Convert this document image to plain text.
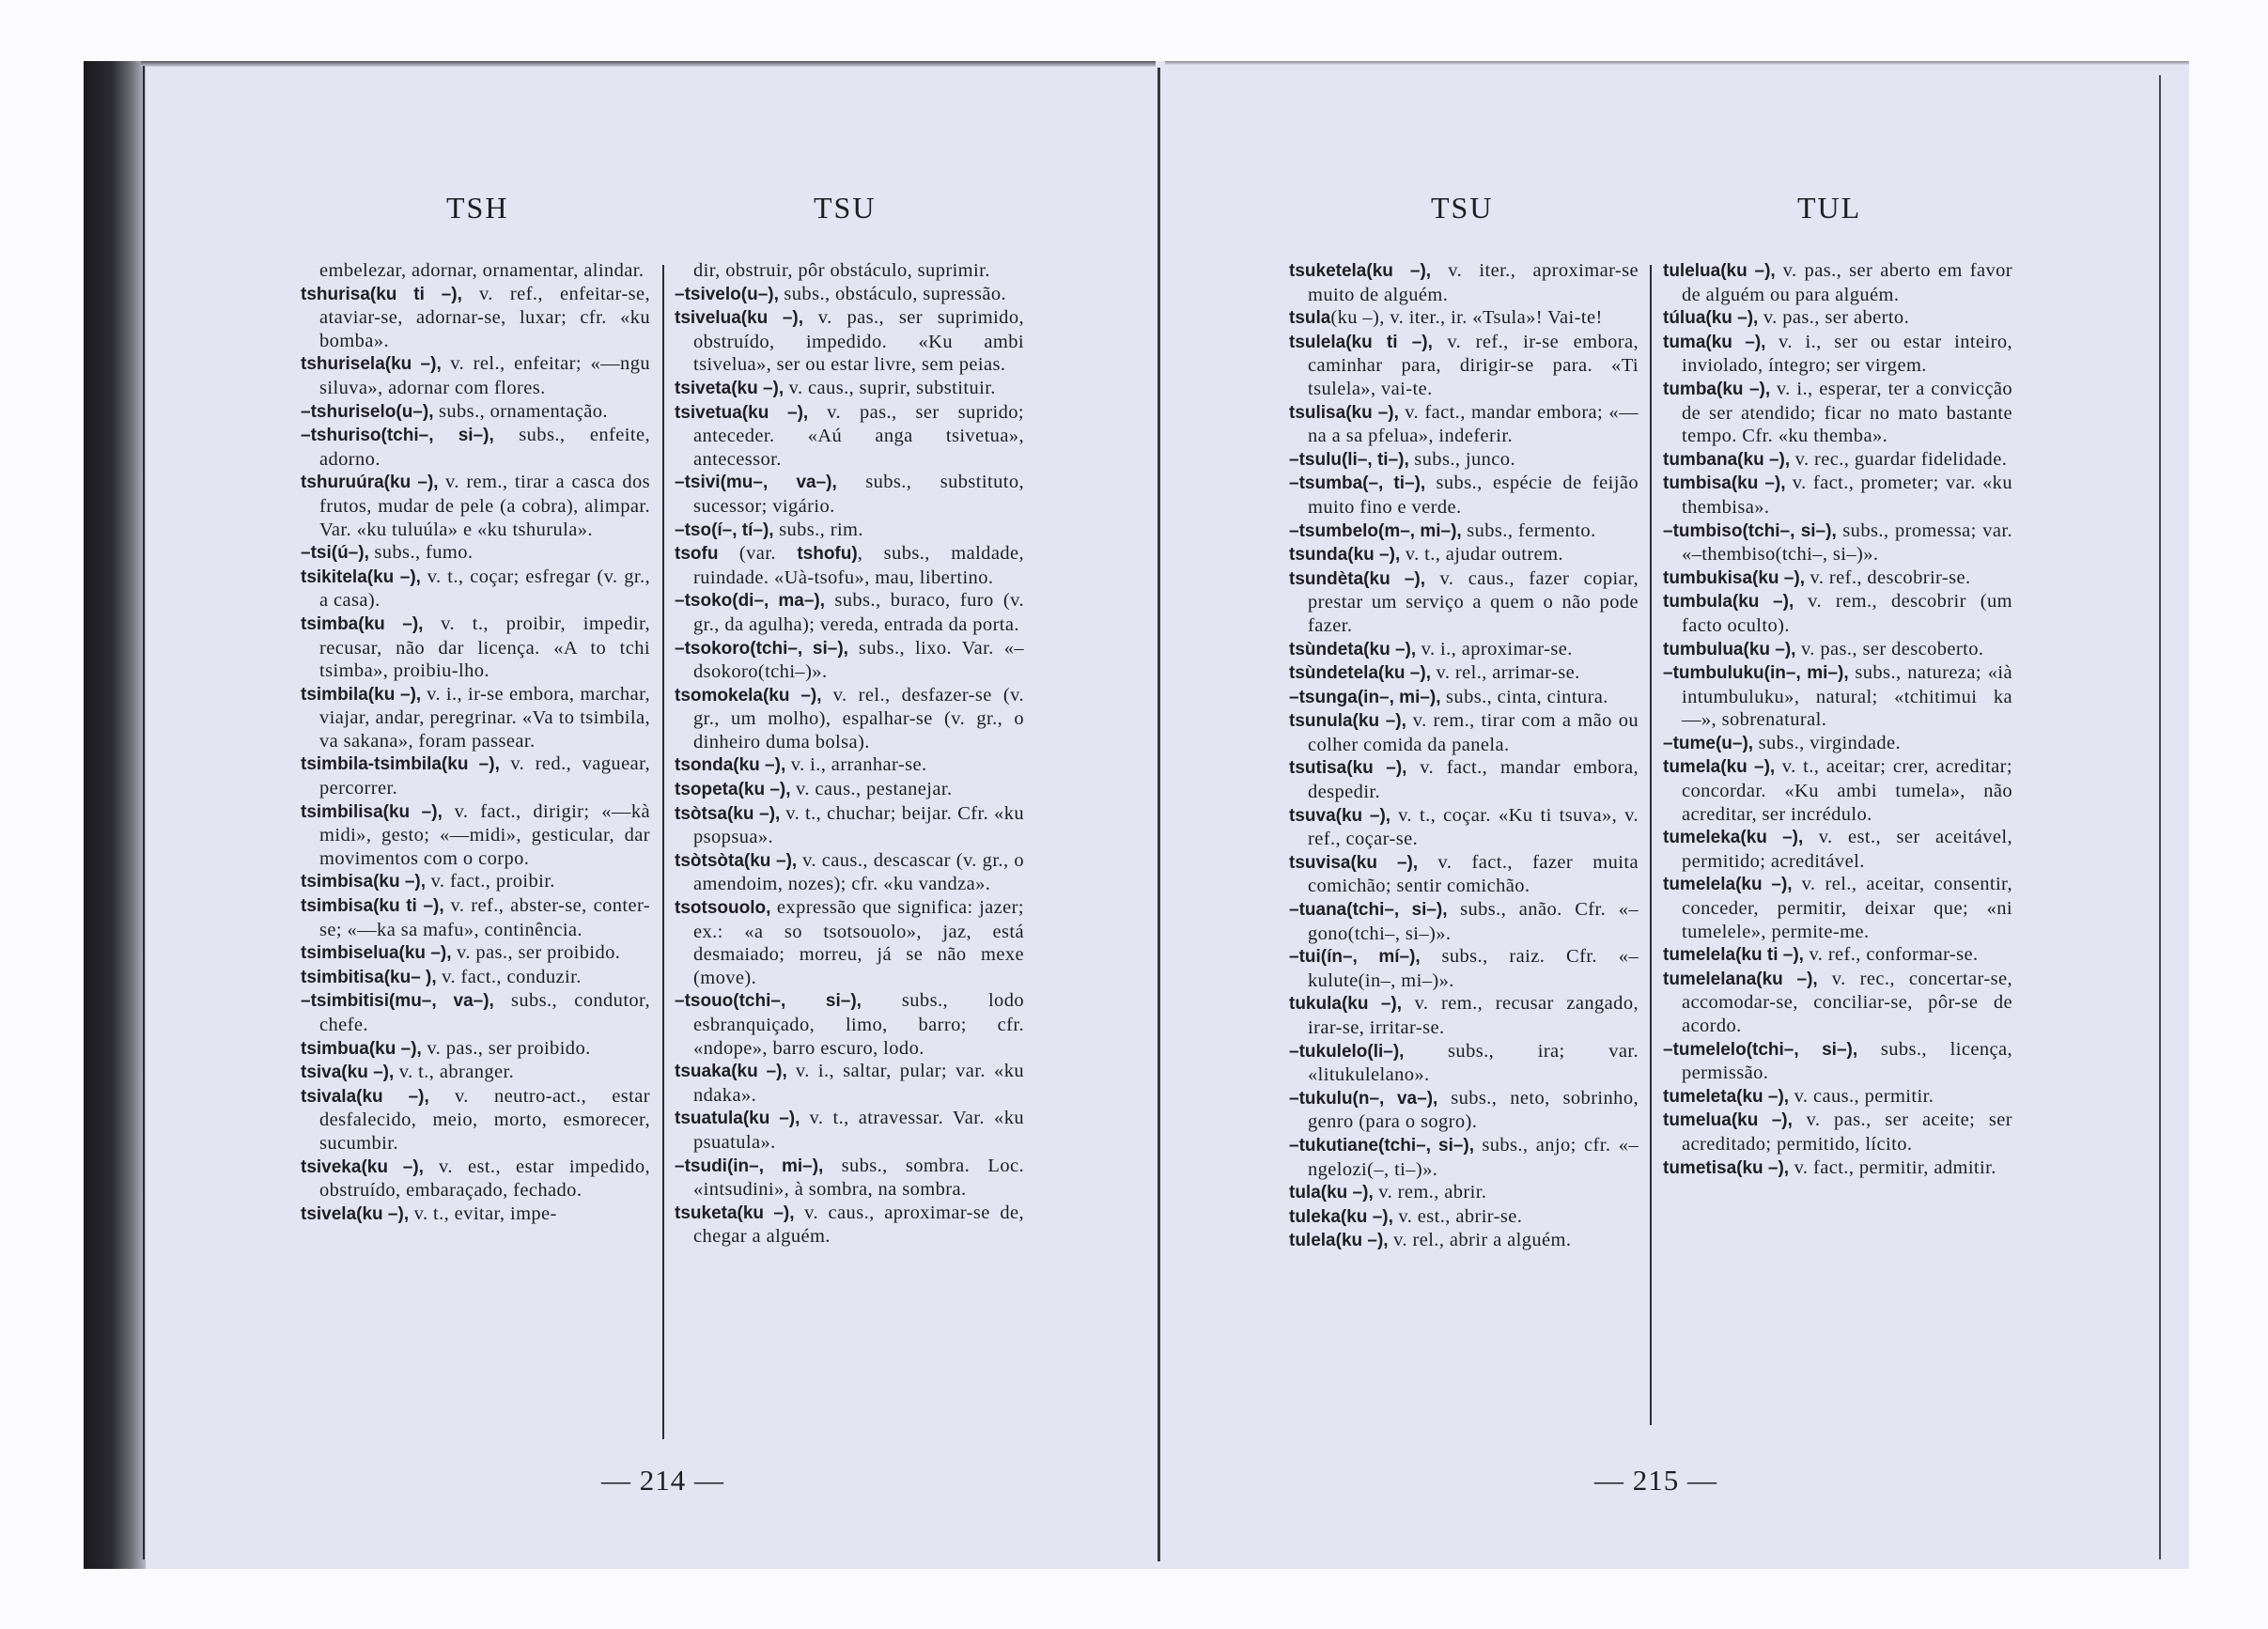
TSH	TSU	TSU	TUL

embelezar, adornar, ornamentar, alindar.

tshurisa(ku ti –), v. ref., enfeitar-se, ataviar-se, adornar-se, luxar; cfr. «ku bomba».

tshurisela(ku –), v. rel., enfeitar; «—ngu siluva», adornar com flores.

–tshuriselo(u–), subs., ornamentação.

–tshuriso(tchi–, si–), subs., enfeite, adorno.

tshuruúra(ku –), v. rem., tirar a casca dos frutos, mudar de pele (a cobra), alimpar. Var. «ku tuluúla» e «ku tshurula».

–tsi(ú–), subs., fumo.

tsikitela(ku –), v. t., coçar; esfregar (v. gr., a casa).

tsimba(ku –), v. t., proibir, impedir, recusar, não dar licença. «A to tchi tsimba», proibiu-lho.

tsimbila(ku –), v. i., ir-se embora, marchar, viajar, andar, peregrinar. «Va to tsimbila, va sakana», foram passear.

tsimbila-tsimbila(ku –), v. red., vaguear, percorrer.

tsimbilisa(ku –), v. fact., dirigir; «—kà midi», gesto; «—midi», gesticular, dar movimentos com o corpo.

tsimbisa(ku –), v. fact., proibir.

tsimbisa(ku ti –), v. ref., abster-se, conter-se; «—ka sa mafu», continência.

tsimbiselua(ku –), v. pas., ser proibido.

tsimbitisa(ku– ), v. fact., conduzir.

–tsimbitisi(mu–, va–), subs., condutor, chefe.

tsimbua(ku –), v. pas., ser proibido.

tsiva(ku –), v. t., abranger.

tsivala(ku –), v. neutro-act., estar desfalecido, meio, morto, esmorecer, sucumbir.

tsiveka(ku –), v. est., estar impedido, obstruído, embaraçado, fechado.

tsivela(ku –), v. t., evitar, impe-

dir, obstruir, pôr obstáculo, suprimir.

–tsivelo(u–), subs., obstáculo, supressão.

tsivelua(ku –), v. pas., ser suprimido, obstruído, impedido. «Ku ambi tsivelua», ser ou estar livre, sem peias.

tsiveta(ku –), v. caus., suprir, substituir.

tsivetua(ku –), v. pas., ser suprido; anteceder. «Aú anga tsivetua», antecessor.

–tsivi(mu–, va–), subs., substituto, sucessor; vigário.

–tso(í–, tí–), subs., rim.

tsofu (var. tshofu), subs., maldade, ruindade. «Uà-tsofu», mau, libertino.

–tsoko(di–, ma–), subs., buraco, furo (v. gr., da agulha); vereda, entrada da porta.

–tsokoro(tchi–, si–), subs., lixo. Var. «–dsokoro(tchi–)».

tsomokela(ku –), v. rel., desfazer-se (v. gr., um molho), espalhar-se (v. gr., o dinheiro duma bolsa).

tsonda(ku –), v. i., arranhar-se.

tsopeta(ku –), v. caus., pestanejar.

tsòtsa(ku –), v. t., chuchar; beijar. Cfr. «ku psopsua».

tsòtsòta(ku –), v. caus., descascar (v. gr., o amendoim, nozes); cfr. «ku vandza».

tsotsouolo, expressão que significa: jazer; ex.: «a so tsotsouolo», jaz, está desmaiado; morreu, já se não mexe (move).

–tsouo(tchi–, si–), subs., lodo esbranquiçado, limo, barro; cfr. «ndope», barro escuro, lodo.

tsuaka(ku –), v. i., saltar, pular; var. «ku ndaka».

tsuatula(ku –), v. t., atravessar. Var. «ku psuatula».

–tsudi(in–, mi–), subs., sombra. Loc. «intsudini», à sombra, na sombra.

tsuketa(ku –), v. caus., aproximar-se de, chegar a alguém.

tsuketela(ku –), v. iter., aproximar-se muito de alguém.

tsula(ku –), v. iter., ir. «Tsula»! Vai-te!

tsulela(ku ti –), v. ref., ir-se embora, caminhar para, dirigir-se para. «Ti tsulela», vai-te.

tsulisa(ku –), v. fact., mandar embora; «—na a sa pfelua», indeferir.

–tsulu(li–, ti–), subs., junco.

–tsumba(–, ti–), subs., espécie de feijão muito fino e verde.

–tsumbelo(m–, mi–), subs., fermento.

tsunda(ku –), v. t., ajudar outrem.

tsundèta(ku –), v. caus., fazer copiar, prestar um serviço a quem o não pode fazer.

tsùndeta(ku –), v. i., aproximar-se.

tsùndetela(ku –), v. rel., arrimar-se.

–tsunga(in–, mi–), subs., cinta, cintura.

tsunula(ku –), v. rem., tirar com a mão ou colher comida da panela.

tsutisa(ku –), v. fact., mandar embora, despedir.

tsuva(ku –), v. t., coçar. «Ku ti tsuva», v. ref., coçar-se.

tsuvisa(ku –), v. fact., fazer muita comichão; sentir comichão.

–tuana(tchi–, si–), subs., anão. Cfr. «–gono(tchi–, si–)».

–tui(ín–, mí–), subs., raiz. Cfr. «–kulute(in–, mi–)».

tukula(ku –), v. rem., recusar zangado, irar-se, irritar-se.

–tukulelo(li–), subs., ira; var. «litukulelano».

–tukulu(n–, va–), subs., neto, sobrinho, genro (para o sogro).

–tukutiane(tchi–, si–), subs., anjo; cfr. «–ngelozi(–, ti–)».

tula(ku –), v. rem., abrir.

tuleka(ku –), v. est., abrir-se.

tulela(ku –), v. rel., abrir a alguém.

tulelua(ku –), v. pas., ser aberto em favor de alguém ou para alguém.

túlua(ku –), v. pas., ser aberto.

tuma(ku –), v. i., ser ou estar inteiro, inviolado, íntegro; ser virgem.

tumba(ku –), v. i., esperar, ter a convicção de ser atendido; ficar no mato bastante tempo. Cfr. «ku themba».

tumbana(ku –), v. rec., guardar fidelidade.

tumbisa(ku –), v. fact., prometer; var. «ku thembisa».

–tumbiso(tchi–, si–), subs., promessa; var. «–thembiso(tchi–, si–)».

tumbukisa(ku –), v. ref., descobrir-se.

tumbula(ku –), v. rem., descobrir (um facto oculto).

tumbulua(ku –), v. pas., ser descoberto.

–tumbuluku(in–, mi–), subs., natureza; «ià intumbuluku», natural; «tchitimui ka—», sobrenatural.

–tume(u–), subs., virgindade.

tumela(ku –), v. t., aceitar; crer, acreditar; concordar. «Ku ambi tumela», não acreditar, ser incrédulo.

tumeleka(ku –), v. est., ser aceitável, permitido; acreditável.

tumelela(ku –), v. rel., aceitar, consentir, conceder, permitir, deixar que; «ni tumelele», permite-me.

tumelela(ku ti –), v. ref., conformar-se.

tumelelana(ku –), v. rec., concertar-se, accomodar-se, conciliar-se, pôr-se de acordo.

–tumelelo(tchi–, si–), subs., licença, permissão.

tumeleta(ku –), v. caus., permitir.

tumelua(ku –), v. pas., ser aceite; ser acreditado; permitido, lícito.

tumetisa(ku –), v. fact., permitir, admitir.

— 214 —	— 215 —
